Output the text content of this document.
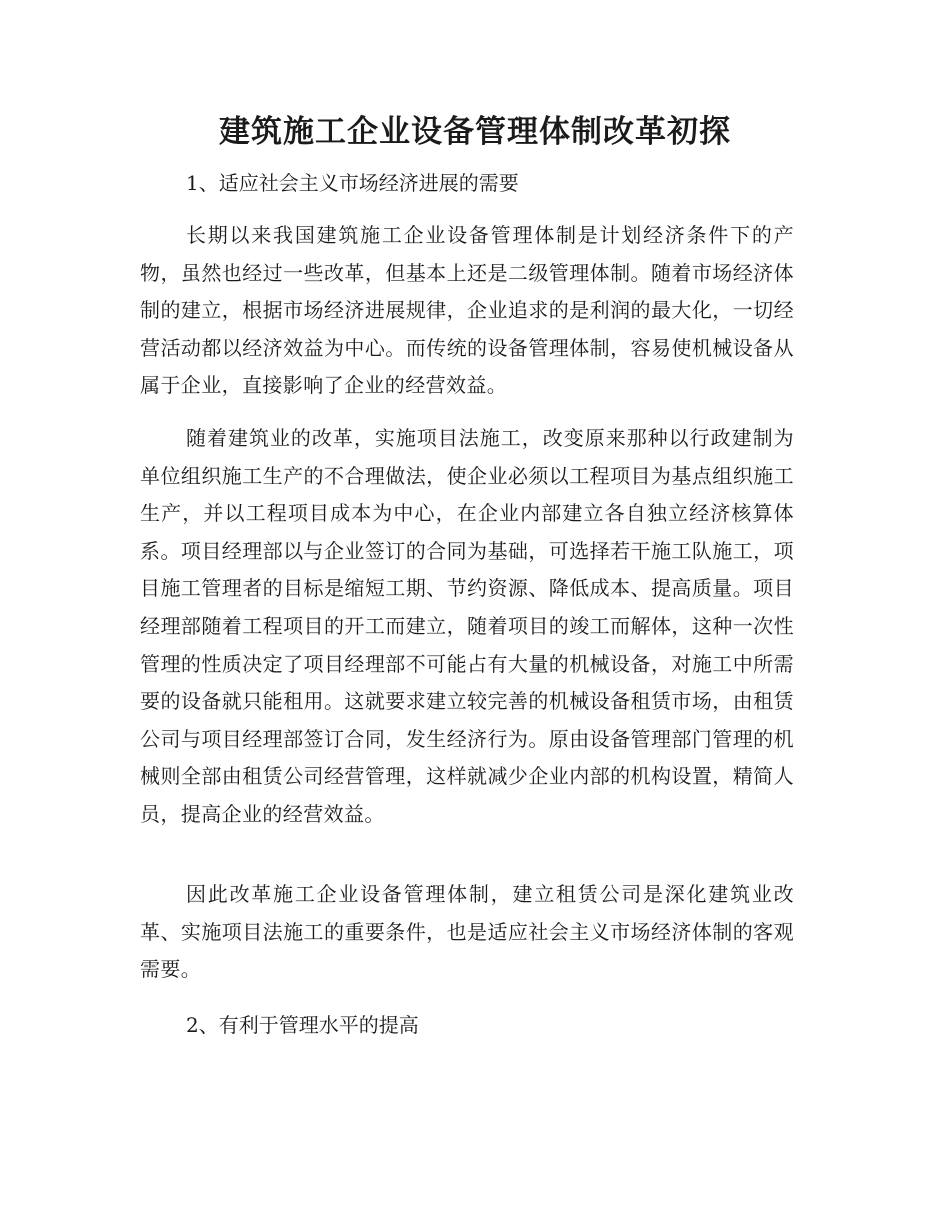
建筑施工企业设备管理体制改革初探

1、适应社会主义市场经济进展的需要

长期以来我国建筑施工企业设备管理体制是计划经济条件下的产物，虽然也经过一些改革，但基本上还是二级管理体制。随着市场经济体制的建立，根据市场经济进展规律，企业追求的是利润的最大化，一切经营活动都以经济效益为中心。而传统的设备管理体制，容易使机械设备从属于企业，直接影响了企业的经营效益。

随着建筑业的改革，实施项目法施工，改变原来那种以行政建制为单位组织施工生产的不合理做法，使企业必须以工程项目为基点组织施工生产，并以工程项目成本为中心，在企业内部建立各自独立经济核算体系。项目经理部以与企业签订的合同为基础，可选择若干施工队施工，项目施工管理者的目标是缩短工期、节约资源、降低成本、提高质量。项目经理部随着工程项目的开工而建立，随着项目的竣工而解体，这种一次性管理的性质决定了项目经理部不可能占有大量的机械设备，对施工中所需要的设备就只能租用。这就要求建立较完善的机械设备租赁市场，由租赁公司与项目经理部签订合同，发生经济行为。原由设备管理部门管理的机械则全部由租赁公司经营管理，这样就减少企业内部的机构设置，精简人员，提高企业的经营效益。

因此改革施工企业设备管理体制，建立租赁公司是深化建筑业改革、实施项目法施工的重要条件，也是适应社会主义市场经济体制的客观需要。

2、有利于管理水平的提高
